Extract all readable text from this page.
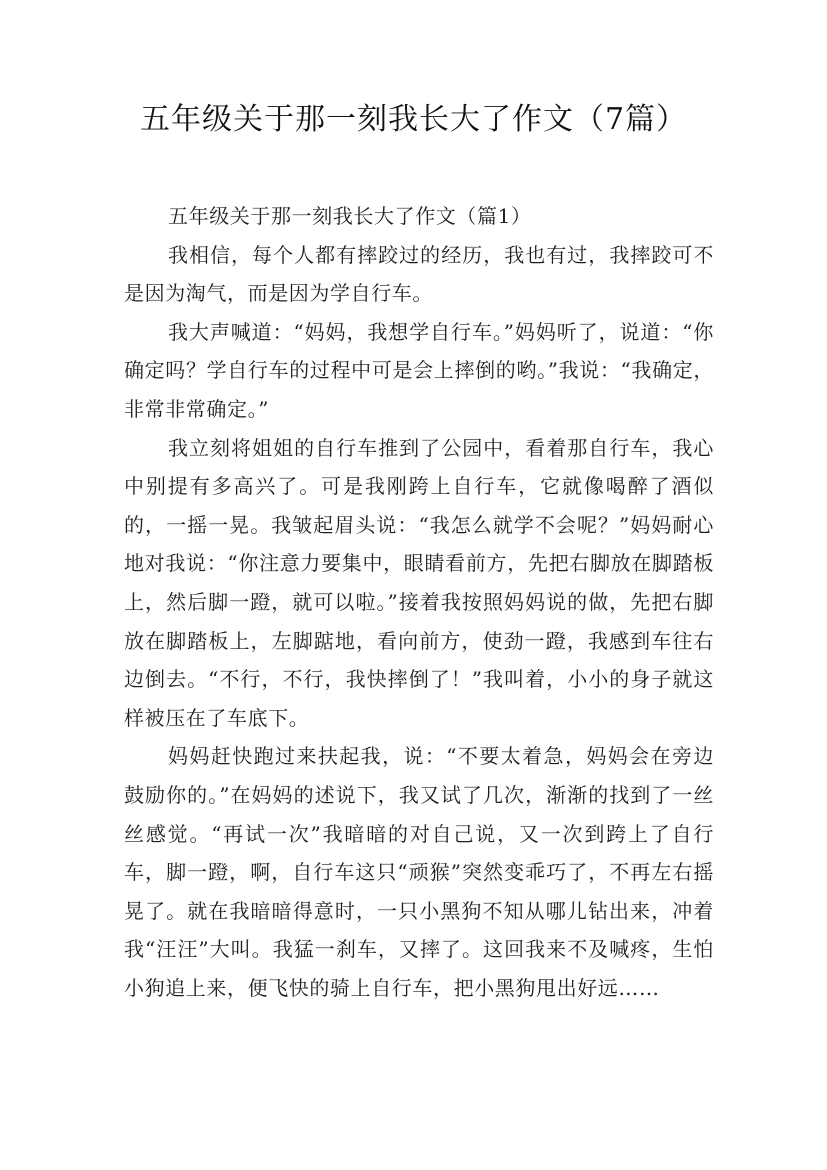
五年级关于那一刻我长大了作文（7篇）

五年级关于那一刻我长大了作文（篇1）

我相信，每个人都有摔跤过的经历，我也有过，我摔跤可不是因为淘气，而是因为学自行车。

我大声喊道：“妈妈，我想学自行车。”妈妈听了，说道：“你确定吗？学自行车的过程中可是会上摔倒的哟。”我说：“我确定，非常非常确定。”

我立刻将姐姐的自行车推到了公园中，看着那自行车，我心中别提有多高兴了。可是我刚跨上自行车，它就像喝醉了酒似的，一摇一晃。我皱起眉头说：“我怎么就学不会呢？”妈妈耐心地对我说：“你注意力要集中，眼睛看前方，先把右脚放在脚踏板上，然后脚一蹬，就可以啦。”接着我按照妈妈说的做，先把右脚放在脚踏板上，左脚踮地，看向前方，使劲一蹬，我感到车往右边倒去。“不行，不行，我快摔倒了！”我叫着，小小的身子就这样被压在了车底下。

妈妈赶快跑过来扶起我，说：“不要太着急，妈妈会在旁边鼓励你的。”在妈妈的述说下，我又试了几次，渐渐的找到了一丝丝感觉。“再试一次”我暗暗的对自己说，又一次到跨上了自行车，脚一蹬，啊，自行车这只“顽猴”突然变乖巧了，不再左右摇晃了。就在我暗暗得意时，一只小黑狗不知从哪儿钻出来，冲着我“汪汪”大叫。我猛一刹车，又摔了。这回我来不及喊疼，生怕小狗追上来，便飞快的骑上自行车，把小黑狗甩出好远……
